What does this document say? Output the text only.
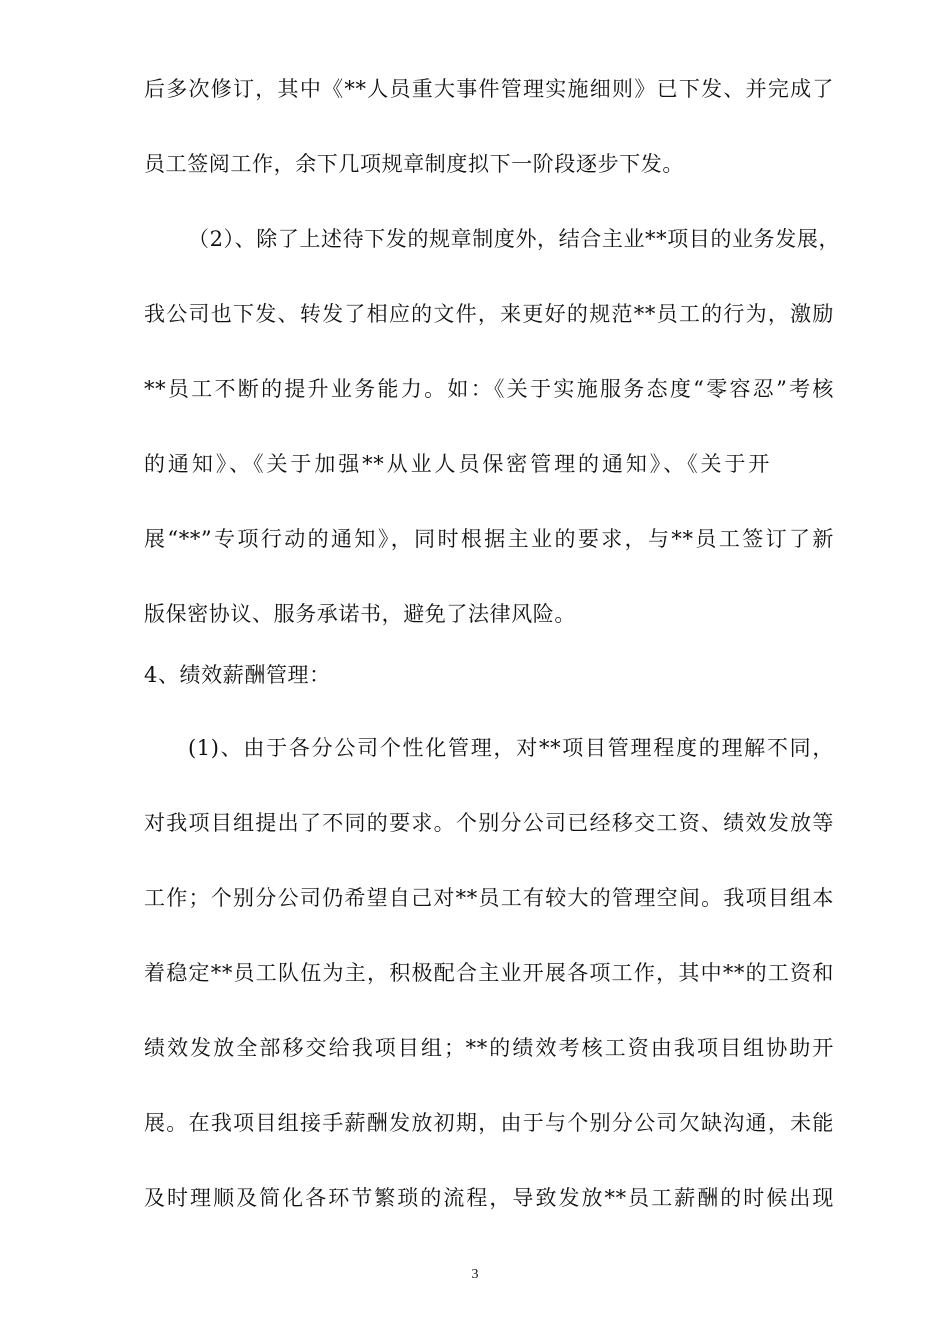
后多次修订，其中《**人员重大事件管理实施细则》已下发、并完成了
员工签阅工作，余下几项规章制度拟下一阶段逐步下发。
（2）、除了上述待下发的规章制度外，结合主业**项目的业务发展，
我公司也下发、转发了相应的文件，来更好的规范**员工的行为，激励
**员工不断的提升业务能力。如：《关于实施服务态度“零容忍”考核
的通知》、《关于加强**从业人员保密管理的通知》、《关于开
展“**”专项行动的通知》，同时根据主业的要求，与**员工签订了新
版保密协议、服务承诺书，避免了法律风险。
4、绩效薪酬管理：
(1)、由于各分公司个性化管理，对**项目管理程度的理解不同，
对我项目组提出了不同的要求。个别分公司已经移交工资、绩效发放等
工作；个别分公司仍希望自己对**员工有较大的管理空间。我项目组本
着稳定**员工队伍为主，积极配合主业开展各项工作，其中**的工资和
绩效发放全部移交给我项目组；**的绩效考核工资由我项目组协助开
展。在我项目组接手薪酬发放初期，由于与个别分公司欠缺沟通，未能
及时理顺及简化各环节繁琐的流程，导致发放**员工薪酬的时候出现
3
